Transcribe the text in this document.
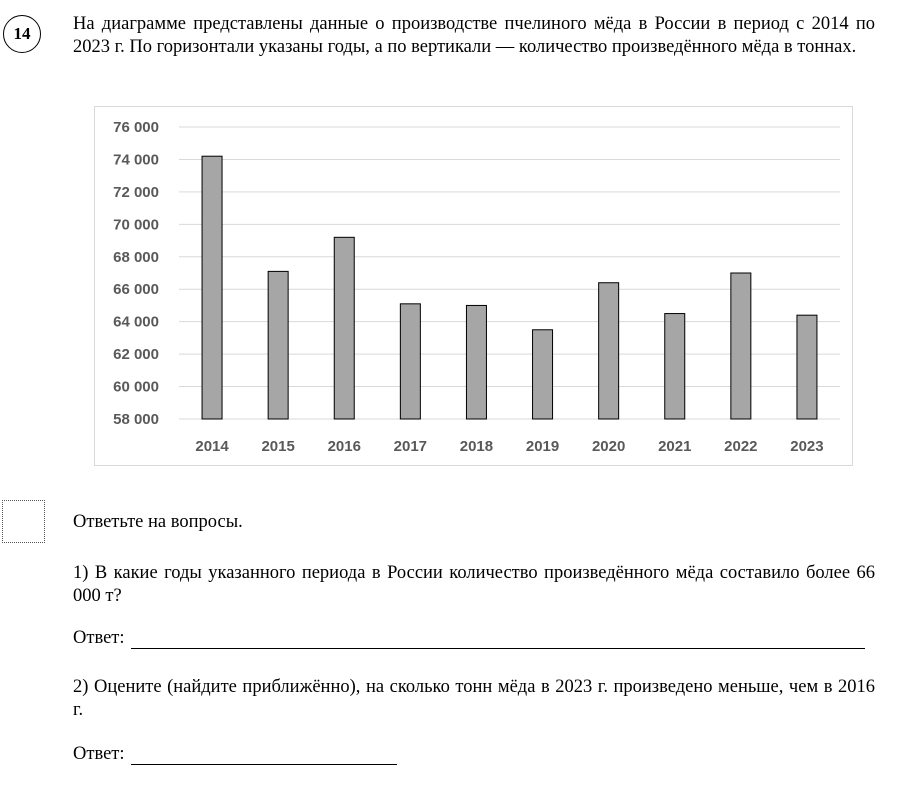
14 На диаграмме представлены данные о производстве пчелиного мёда в России в период с 2014 по 2023 г. По горизонтали указаны годы, а по вертикали — количество произведённого мёда в тоннах.
58 000
60 000
62 000
64 000
66 000
68 000
70 000
72 000
74 000
76 000
2014 2015 2016 2017 2018 2019 2020 2021 2022 2023
Ответьте на вопросы.
1) В какие годы указанного периода в России количество произведённого мёда составило более 66 000 т?
Ответ:
2) Оцените (найдите приближённо), на сколько тонн мёда в 2023 г. произведено меньше, чем в 2016 г.
Ответ:
